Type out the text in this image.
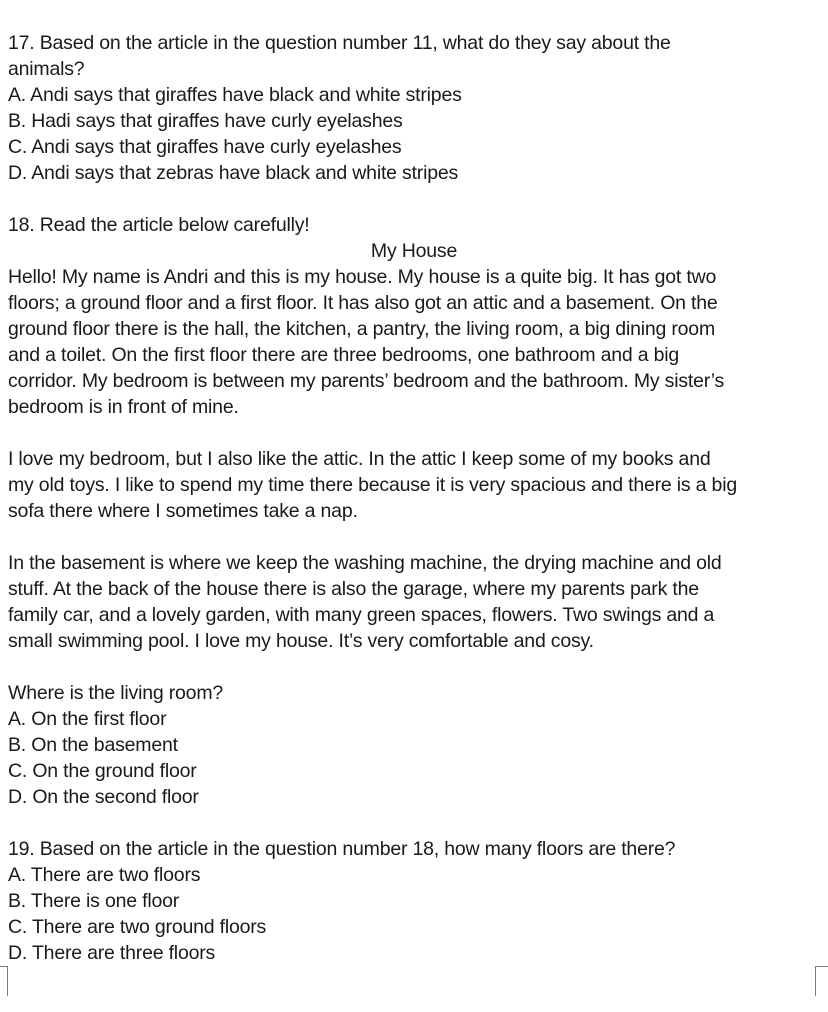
17. Based on the article in the question number 11, what do they say about the
animals?
A. Andi says that giraffes have black and white stripes
B. Hadi says that giraffes have curly eyelashes
C. Andi says that giraffes have curly eyelashes
D. Andi says that zebras have black and white stripes
18. Read the article below carefully!
My House
Hello! My name is Andri and this is my house. My house is a quite big. It has got two
floors; a ground floor and a first floor. It has also got an attic and a basement. On the
ground floor there is the hall, the kitchen, a pantry, the living room, a big dining room
and a toilet. On the first floor there are three bedrooms, one bathroom and a big
corridor. My bedroom is between my parents’ bedroom and the bathroom. My sister’s
bedroom is in front of mine.
I love my bedroom, but I also like the attic. In the attic I keep some of my books and
my old toys. I like to spend my time there because it is very spacious and there is a big
sofa there where I sometimes take a nap.
In the basement is where we keep the washing machine, the drying machine and old
stuff. At the back of the house there is also the garage, where my parents park the
family car, and a lovely garden, with many green spaces, flowers. Two swings and a
small swimming pool. I love my house. It’s very comfortable and cosy.
Where is the living room?
A. On the first floor
B. On the basement
C. On the ground floor
D. On the second floor
19. Based on the article in the question number 18, how many floors are there?
A. There are two floors
B. There is one floor
C. There are two ground floors
D. There are three floors
